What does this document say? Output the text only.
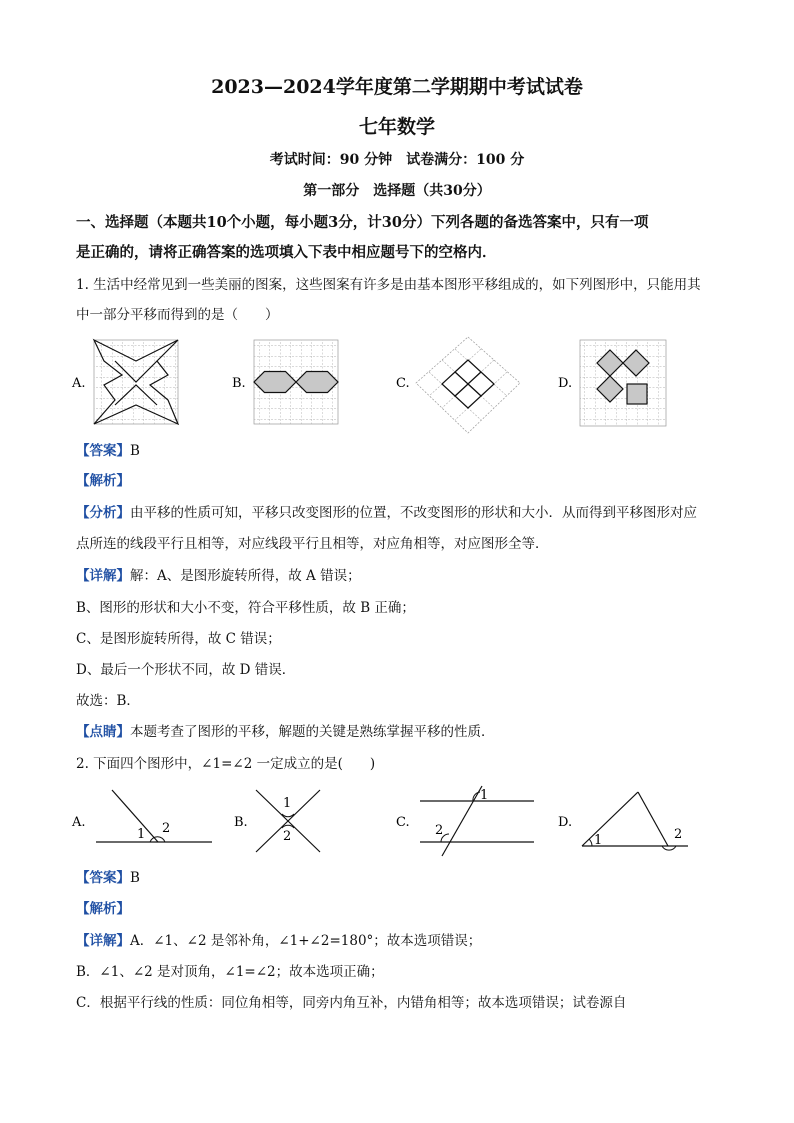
2023—2024学年度第二学期期中考试试卷
七年数学
考试时间：90 分钟　试卷满分：100 分
第一部分　选择题（共30分）
一、选择题（本题共10个小题，每小题3分，计30分）下列各题的备选答案中，只有一项
是正确的，请将正确答案的选项填入下表中相应题号下的空格内．
1. 生活中经常见到一些美丽的图案，这些图案有许多是由基本图形平移组成的，如下列图形中，只能用其
中一部分平移而得到的是（　　）
A.	B.	C.	D.
【答案】B
【解析】
【分析】由平移的性质可知，平移只改变图形的位置，不改变图形的形状和大小．从而得到平移图形对应
点所连的线段平行且相等，对应线段平行且相等，对应角相等，对应图形全等．
【详解】解：A、是图形旋转所得，故 A 错误；
B、图形的形状和大小不变，符合平移性质，故 B 正确；
C、是图形旋转所得，故 C 错误；
D、最后一个形状不同，故 D 错误．
故选：B．
【点睛】本题考查了图形的平移，解题的关键是熟练掌握平移的性质．
2. 下面四个图形中，∠1=∠2 一定成立的是(　　)
A.
1 2	B.
1
2
C.
1
2
D.
1	2
【答案】B
【解析】
【详解】A．∠1、∠2 是邻补角，∠1+∠2=180°；故本选项错误；
B．∠1、∠2 是对顶角，∠1=∠2；故本选项正确；
C．根据平行线的性质：同位角相等，同旁内角互补，内错角相等；故本选项错误；试卷源自
